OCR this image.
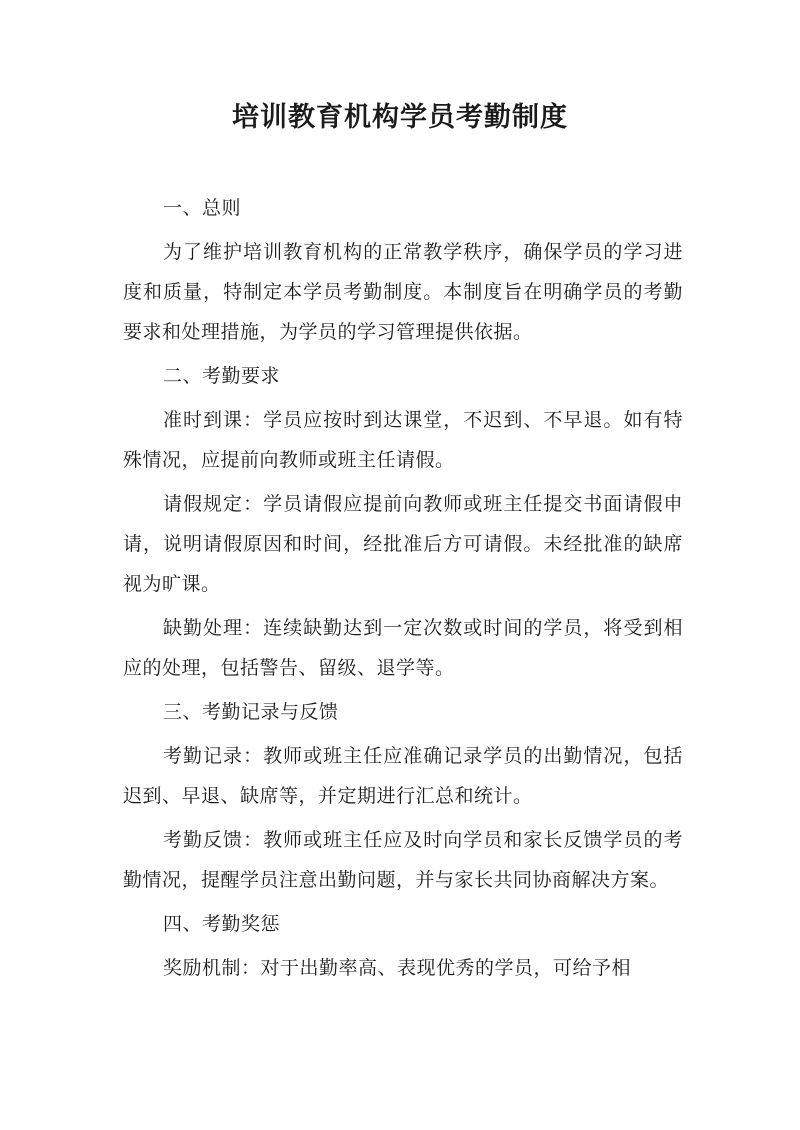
培训教育机构学员考勤制度

一、总则

为了维护培训教育机构的正常教学秩序，确保学员的学习进度和质量，特制定本学员考勤制度。本制度旨在明确学员的考勤要求和处理措施，为学员的学习管理提供依据。

二、考勤要求

准时到课：学员应按时到达课堂，不迟到、不早退。如有特殊情况，应提前向教师或班主任请假。

请假规定：学员请假应提前向教师或班主任提交书面请假申请，说明请假原因和时间，经批准后方可请假。未经批准的缺席视为旷课。

缺勤处理：连续缺勤达到一定次数或时间的学员，将受到相应的处理，包括警告、留级、退学等。

三、考勤记录与反馈

考勤记录：教师或班主任应准确记录学员的出勤情况，包括迟到、早退、缺席等，并定期进行汇总和统计。

考勤反馈：教师或班主任应及时向学员和家长反馈学员的考勤情况，提醒学员注意出勤问题，并与家长共同协商解决方案。

四、考勤奖惩

奖励机制：对于出勤率高、表现优秀的学员，可给予相
